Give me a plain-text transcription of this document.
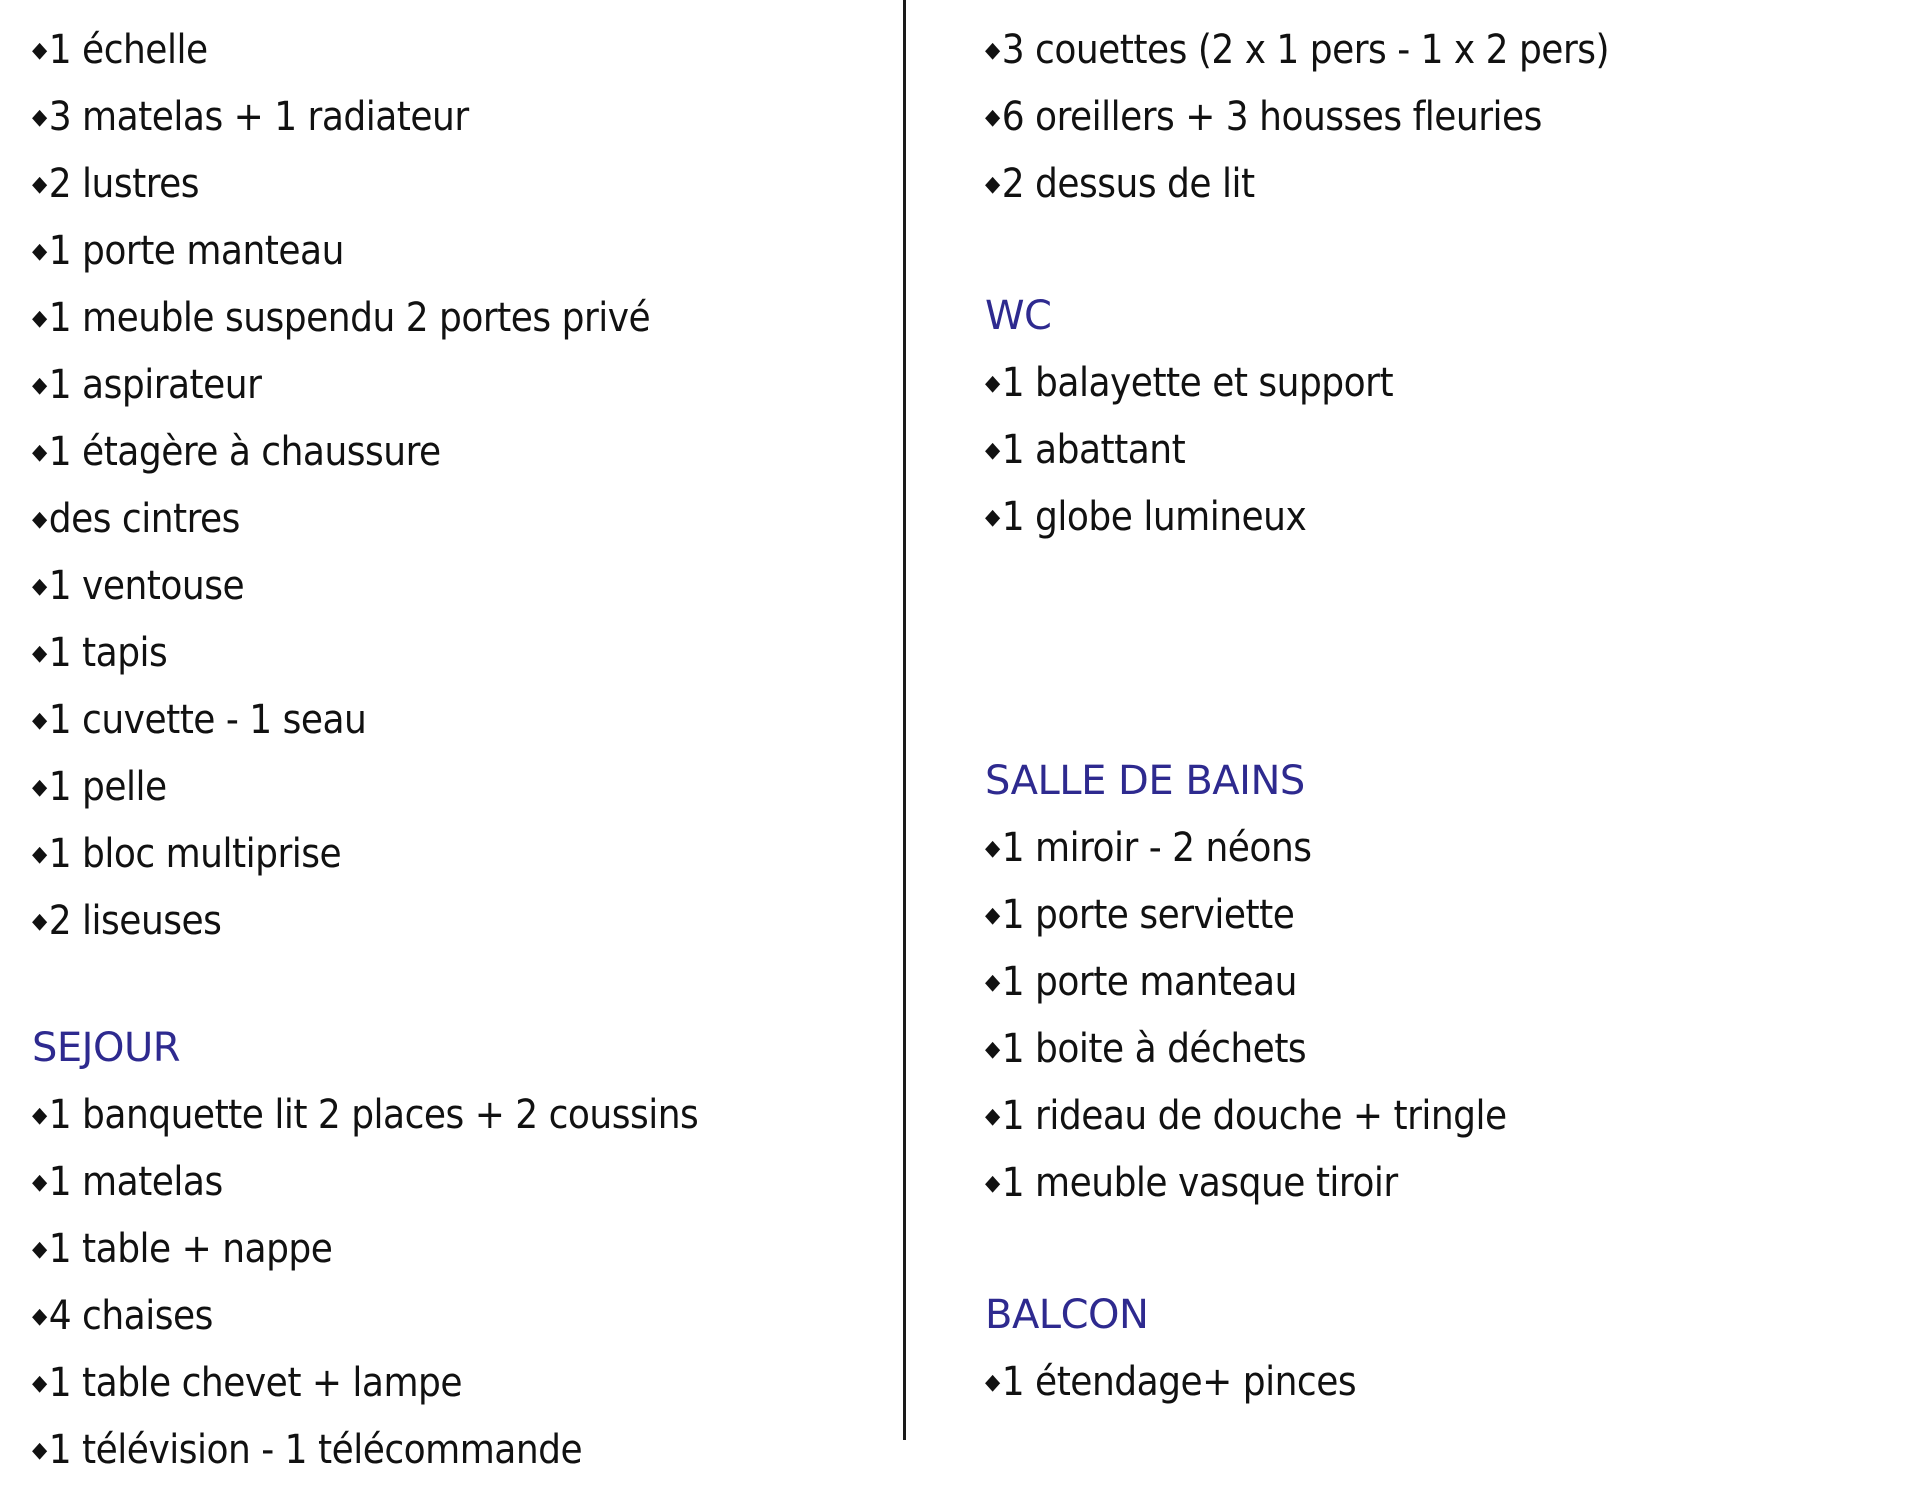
◆1 échelle
◆3 matelas + 1 radiateur
◆2 lustres
◆1 porte manteau
◆1 meuble suspendu 2 portes privé
◆1 aspirateur
◆1 étagère à chaussure
◆des cintres
◆1 ventouse
◆1 tapis
◆1 cuvette - 1 seau
◆1 pelle
◆1 bloc multiprise
◆2 liseuses
SEJOUR
◆1 banquette lit 2 places + 2 coussins
◆1 matelas
◆1 table + nappe
◆4 chaises
◆1 table chevet + lampe
◆1 télévision - 1 télécommande
◆3 couettes (2 x 1 pers - 1 x 2 pers)
◆6 oreillers + 3 housses fleuries
◆2 dessus de lit
WC
◆1 balayette et support
◆1 abattant
◆1 globe lumineux
SALLE DE BAINS
◆1 miroir - 2 néons
◆1 porte serviette
◆1 porte manteau
◆1 boite à déchets
◆1 rideau de douche + tringle
◆1 meuble vasque tiroir
BALCON
◆1 étendage+ pinces
